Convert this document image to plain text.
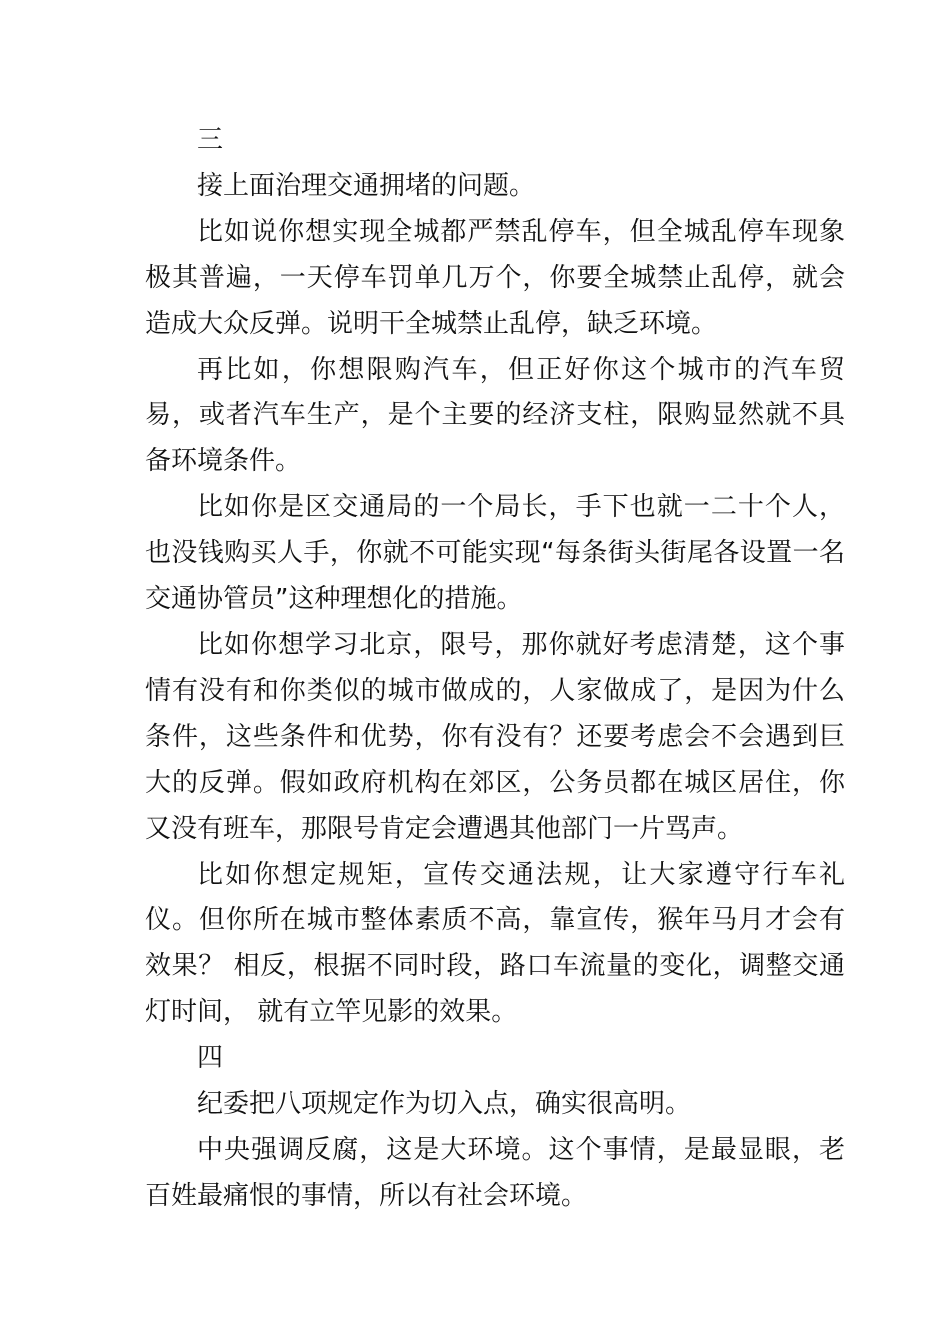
三

接上面治理交通拥堵的问题。

比如说你想实现全城都严禁乱停车，但全城乱停车现象极其普遍，一天停车罚单几万个，你要全城禁止乱停，就会造成大众反弹。说明干全城禁止乱停，缺乏环境。

再比如，你想限购汽车，但正好你这个城市的汽车贸易，或者汽车生产，是个主要的经济支柱，限购显然就不具备环境条件。

比如你是区交通局的一个局长，手下也就一二十个人，也没钱购买人手，你就不可能实现“每条街头街尾各设置一名交通协管员”这种理想化的措施。

比如你想学习北京，限号，那你就好考虑清楚，这个事情有没有和你类似的城市做成的，人家做成了，是因为什么条件，这些条件和优势，你有没有？还要考虑会不会遇到巨大的反弹。假如政府机构在郊区，公务员都在城区居住，你又没有班车，那限号肯定会遭遇其他部门一片骂声。

比如你想定规矩，宣传交通法规，让大家遵守行车礼仪。但你所在城市整体素质不高，靠宣传，猴年马月才会有效果？ 相反，根据不同时段，路口车流量的变化，调整交通灯时间， 就有立竿见影的效果。

四

纪委把八项规定作为切入点，确实很高明。

中央强调反腐，这是大环境。这个事情，是最显眼，老百姓最痛恨的事情，所以有社会环境。
